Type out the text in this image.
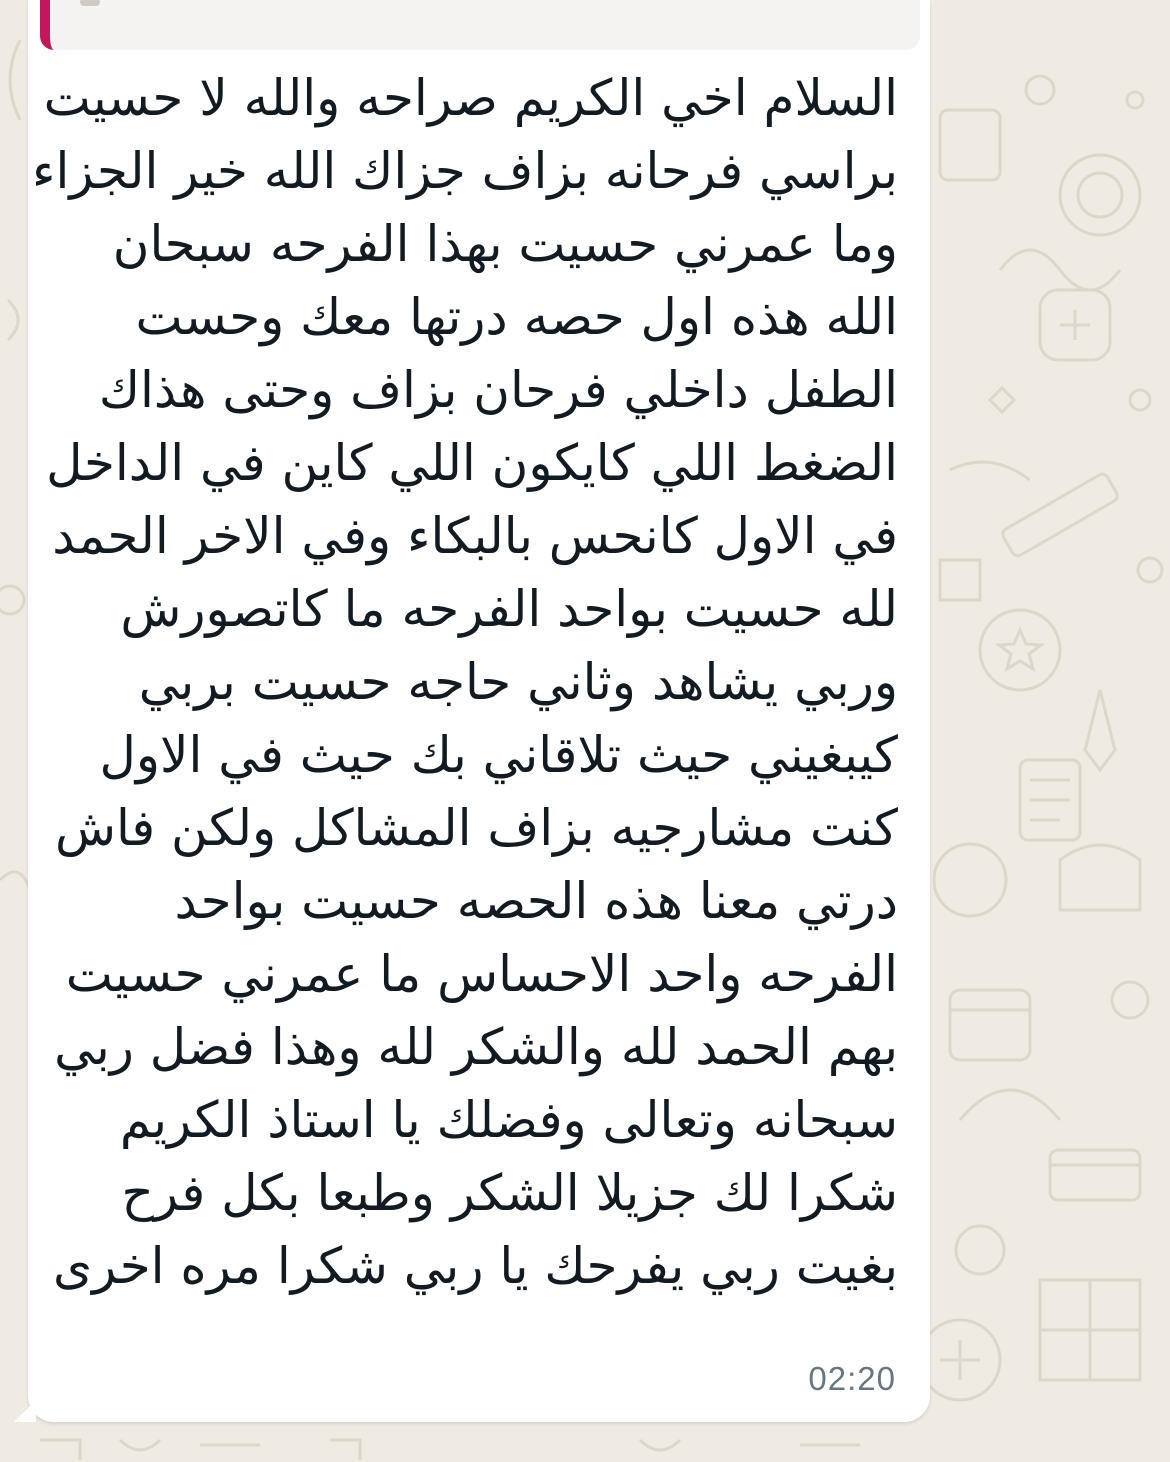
السلام اخي الكريم صراحه والله لا حسيت
براسي فرحانه بزاف جزاك الله خير الجزاء
وما عمرني حسيت بهذا الفرحه سبحان
الله هذه اول حصه درتها معك وحست
الطفل داخلي فرحان بزاف وحتى هذاك
الضغط اللي كايكون اللي كاين في الداخل
في الاول كانحس بالبكاء وفي الاخر الحمد
لله حسيت بواحد الفرحه ما كاتصورش
وربي يشاهد وثاني حاجه حسيت بربي
كيبغيني حيث تلاقاني بك حيث في الاول
كنت مشارجيه بزاف المشاكل ولكن فاش
درتي معنا هذه الحصه حسيت بواحد
الفرحه واحد الاحساس ما عمرني حسيت
بهم الحمد لله والشكر لله وهذا فضل ربي
سبحانه وتعالى وفضلك يا استاذ الكريم
شكرا لك جزيلا الشكر وطبعا بكل فرح
بغيت ربي يفرحك يا ربي شكرا مره اخرى
02:20
